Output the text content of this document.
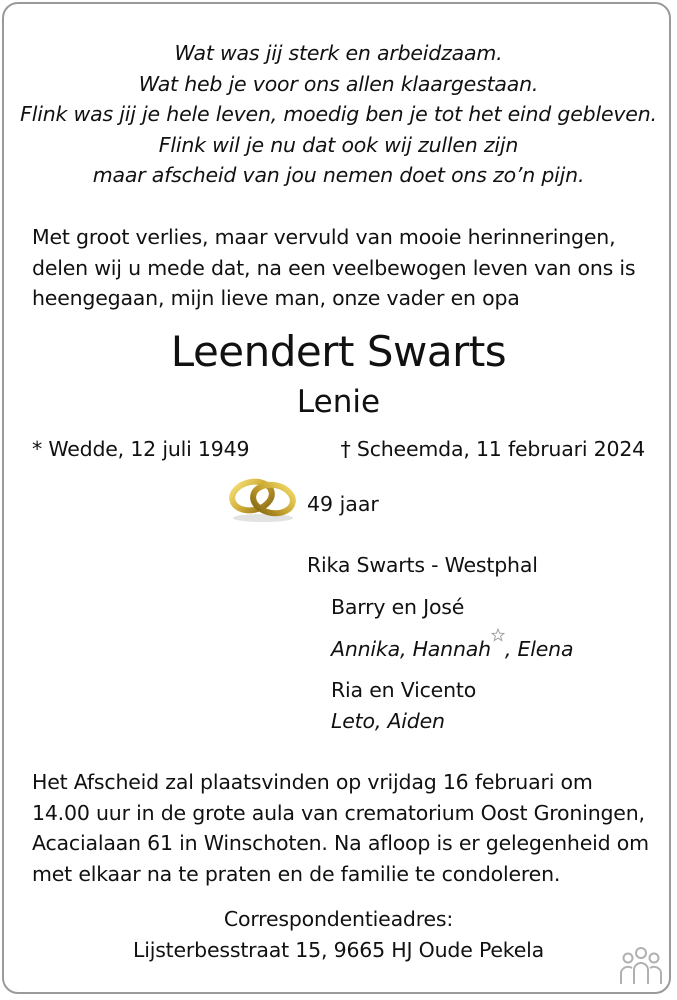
Wat was jij sterk en arbeidzaam.
Wat heb je voor ons allen klaargestaan.
Flink was jij je hele leven, moedig ben je tot het eind gebleven.
Flink wil je nu dat ook wij zullen zijn
maar afscheid van jou nemen doet ons zo’n pijn.
Met groot verlies, maar vervuld van mooie herinneringen,
delen wij u mede dat, na een veelbewogen leven van ons is
heengegaan, mijn lieve man, onze vader en opa
Leendert Swarts
Lenie
* Wedde, 12 juli 1949	† Scheemda, 11 februari 2024
49 jaar
Rika Swarts - Westphal
Barry en José
Annika, Hannah , Elena
Ria en Vicento
Leto, Aiden
Het Afscheid zal plaatsvinden op vrijdag 16 februari om
14.00 uur in de grote aula van crematorium Oost Groningen,
Acacialaan 61 in Winschoten. Na afloop is er gelegenheid om
met elkaar na te praten en de familie te condoleren.
Correspondentieadres:
Lijsterbesstraat 15, 9665 HJ Oude Pekela
